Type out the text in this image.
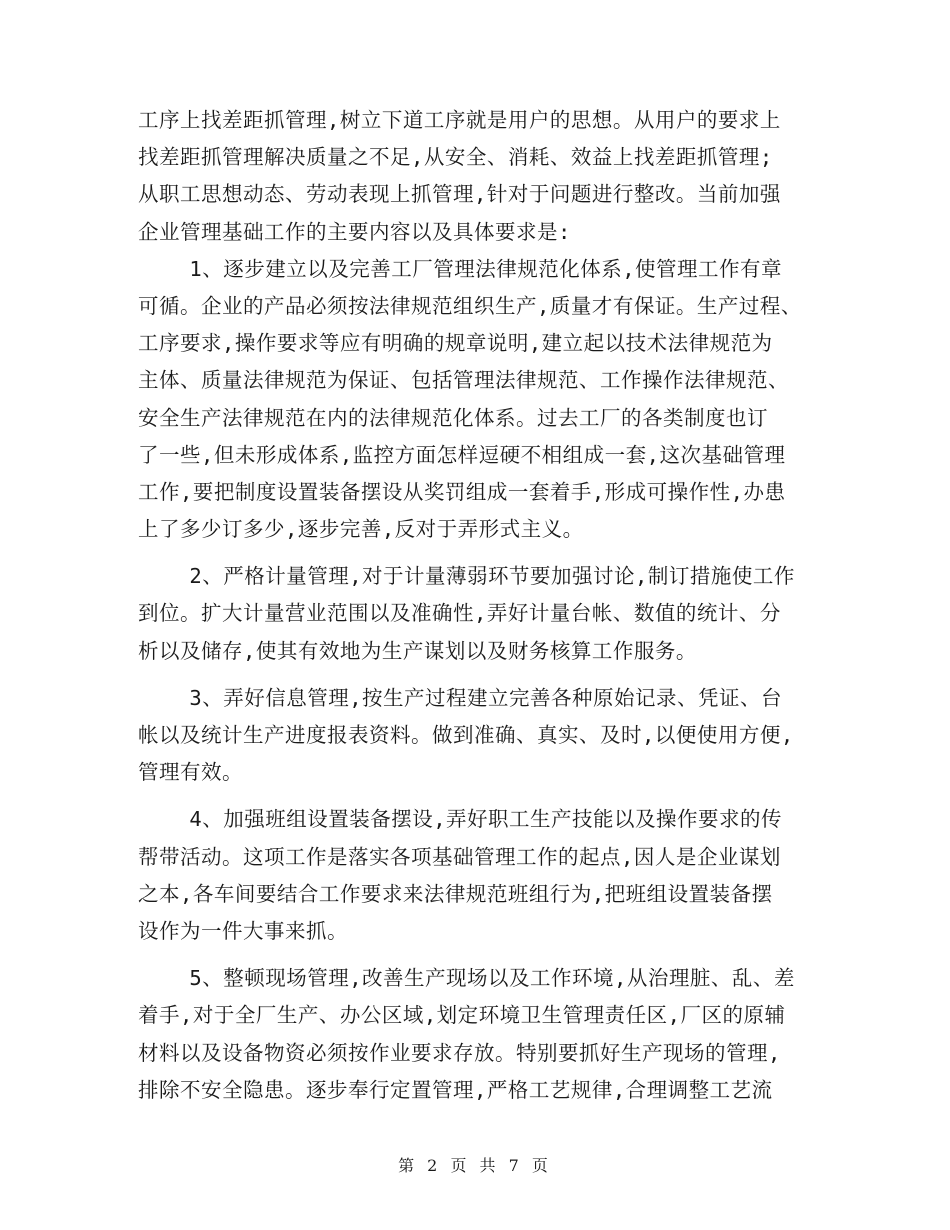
工序上找差距抓管理,树立下道工序就是用户的思想。从用户的要求上
找差距抓管理解决质量之不足,从安全、消耗、效益上找差距抓管理;
从职工思想动态、劳动表现上抓管理,针对于问题进行整改。当前加强
企业管理基础工作的主要内容以及具体要求是:
1、逐步建立以及完善工厂管理法律规范化体系,使管理工作有章
可循。企业的产品必须按法律规范组织生产,质量才有保证。生产过程、
工序要求,操作要求等应有明确的规章说明,建立起以技术法律规范为
主体、质量法律规范为保证、包括管理法律规范、工作操作法律规范、
安全生产法律规范在内的法律规范化体系。过去工厂的各类制度也订
了一些,但未形成体系,监控方面怎样逗硬不相组成一套,这次基础管理
工作,要把制度设置装备摆设从奖罚组成一套着手,形成可操作性,办患
上了多少订多少,逐步完善,反对于弄形式主义。
2、严格计量管理,对于计量薄弱环节要加强讨论,制订措施使工作
到位。扩大计量营业范围以及准确性,弄好计量台帐、数值的统计、分
析以及储存,使其有效地为生产谋划以及财务核算工作服务。
3、弄好信息管理,按生产过程建立完善各种原始记录、凭证、台
帐以及统计生产进度报表资料。做到准确、真实、及时,以便使用方便,
管理有效。
4、加强班组设置装备摆设,弄好职工生产技能以及操作要求的传
帮带活动。这项工作是落实各项基础管理工作的起点,因人是企业谋划
之本,各车间要结合工作要求来法律规范班组行为,把班组设置装备摆
设作为一件大事来抓。
5、整顿现场管理,改善生产现场以及工作环境,从治理脏、乱、差
着手,对于全厂生产、办公区域,划定环境卫生管理责任区,厂区的原辅
材料以及设备物资必须按作业要求存放。特别要抓好生产现场的管理,
排除不安全隐患。逐步奉行定置管理,严格工艺规律,合理调整工艺流
第 2 页 共 7 页
